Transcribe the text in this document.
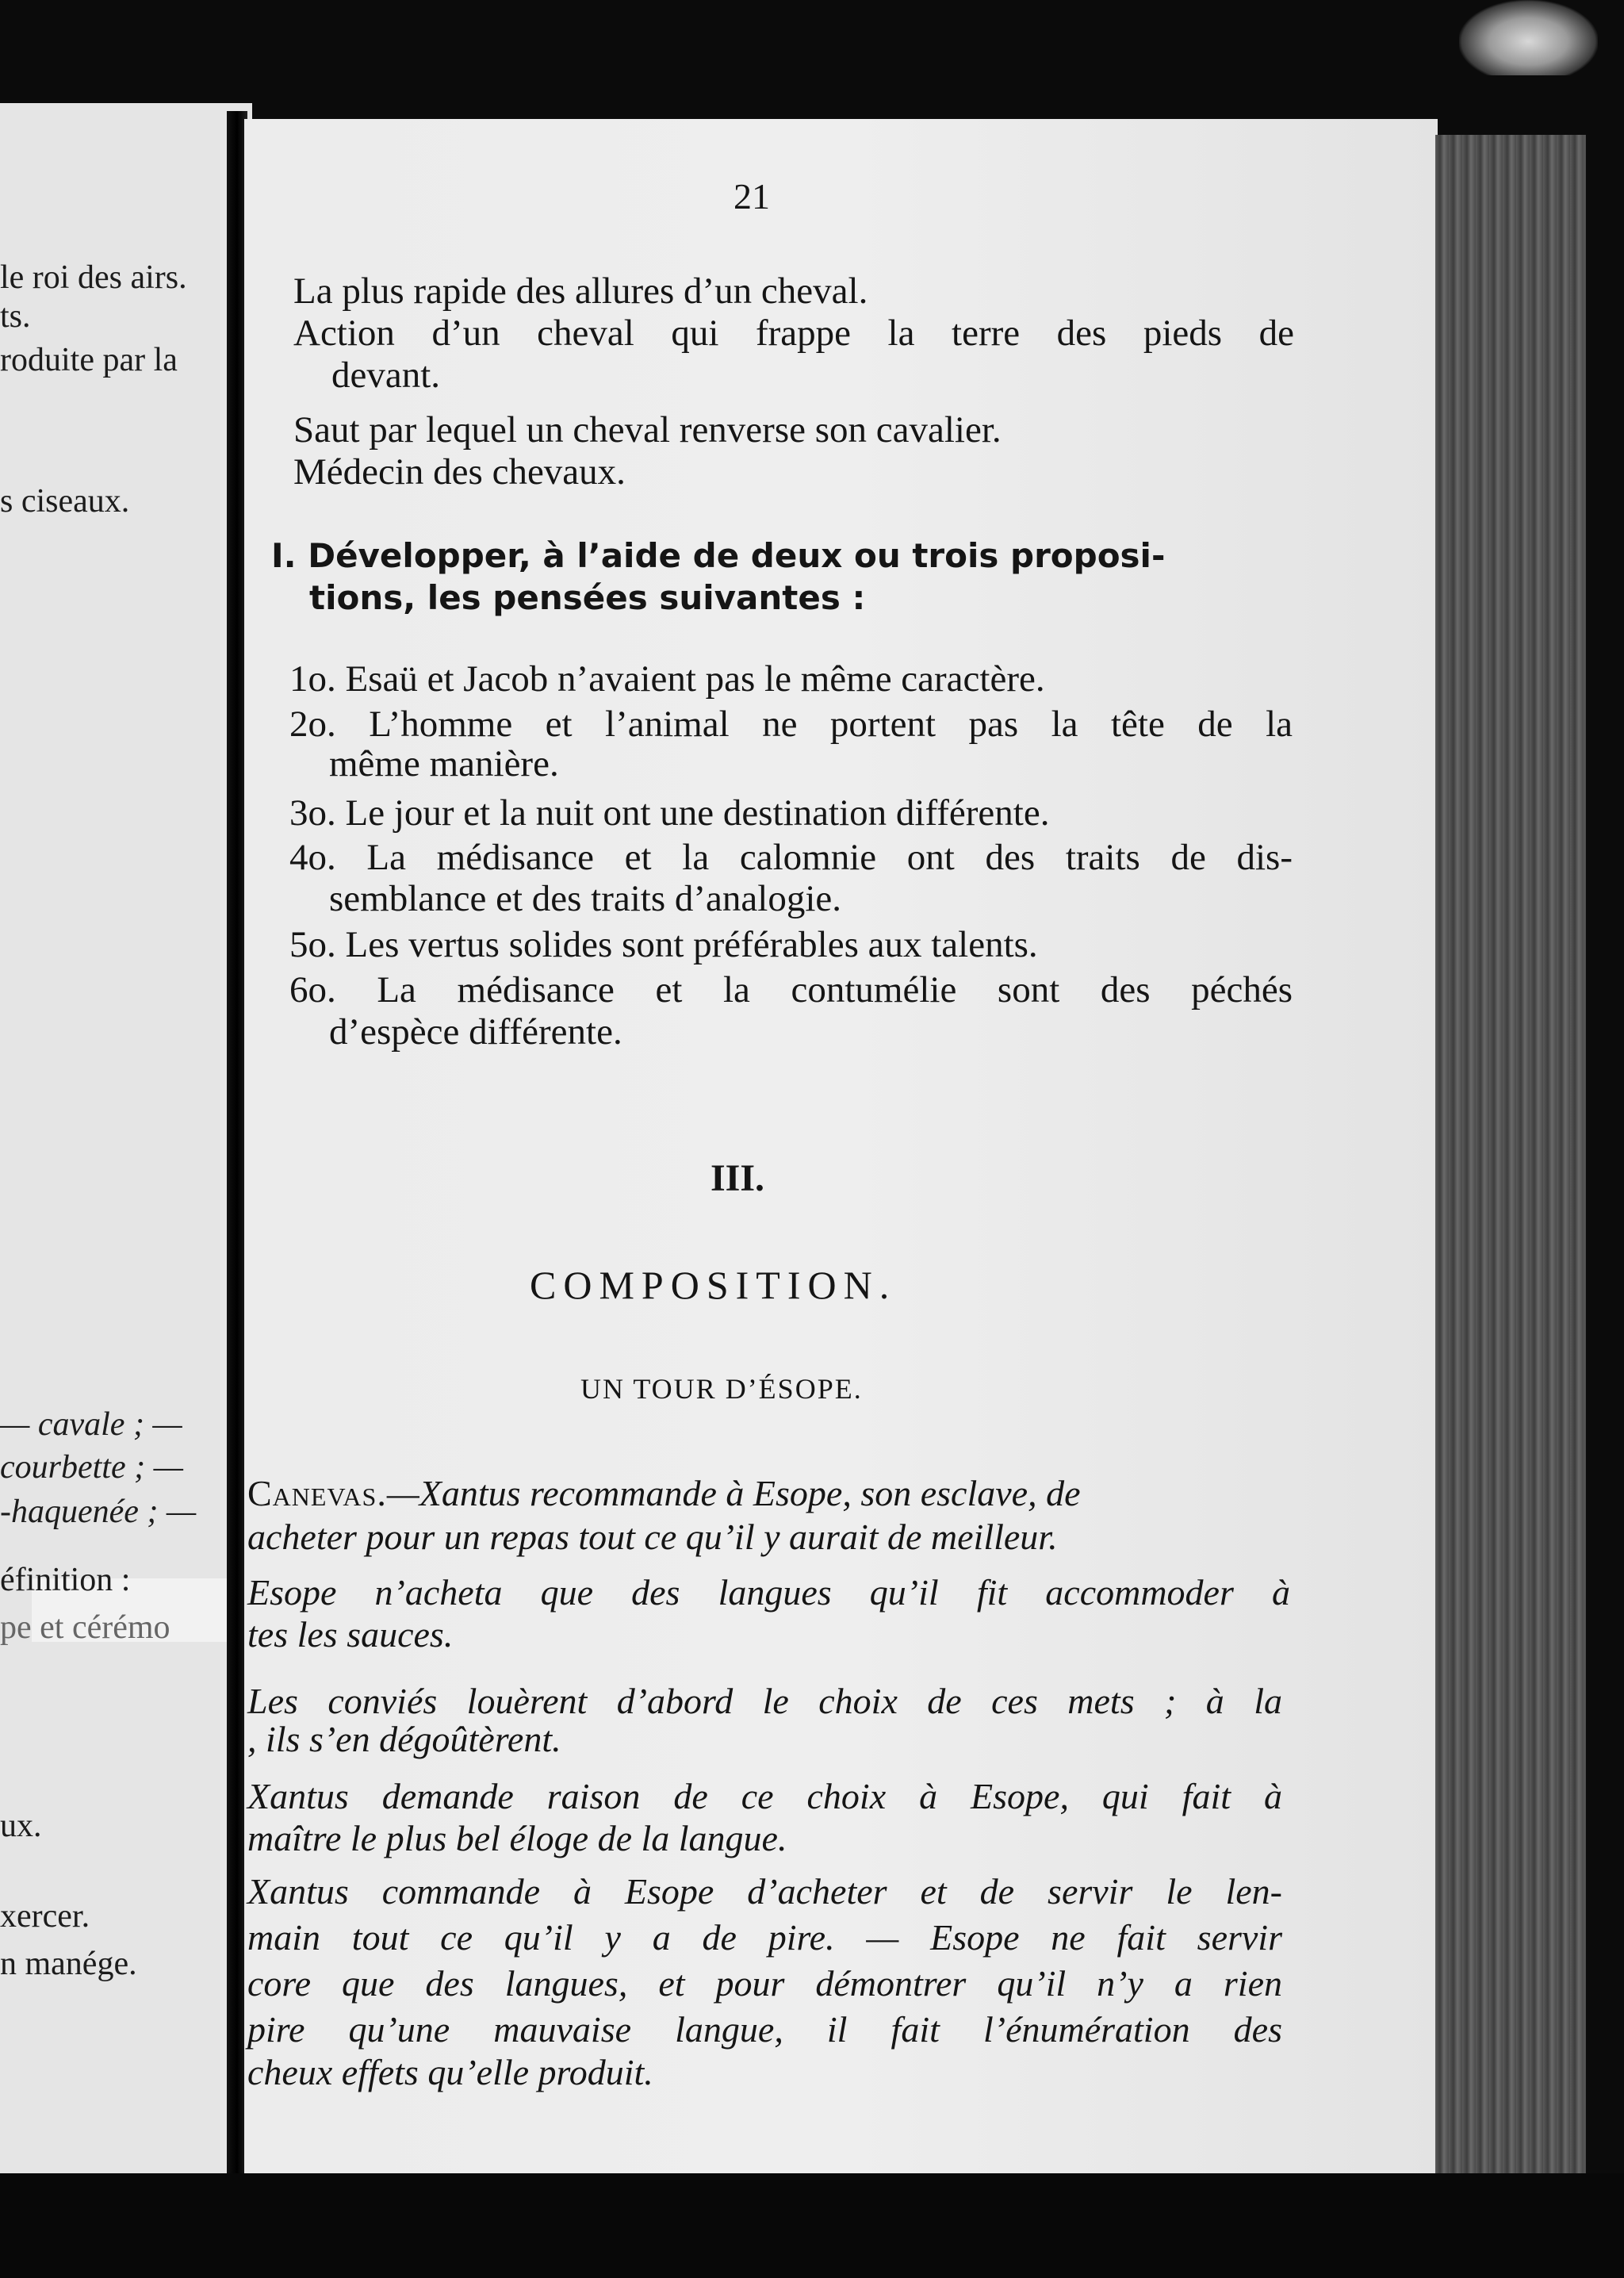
le roi des airs.
ts.
roduite par la
s ciseaux.
— cavale ; —
courbette ; —
-haquenée ; —
éfinition :
pe et cérémo
ux.
xercer.
n manége.
21
La plus rapide des allures d’un cheval.
Action d’un cheval qui frappe la terre des pieds de
devant.
Saut par lequel un cheval renverse son cavalier.
Médecin des chevaux.
I. Développer, à l’aide de deux ou trois proposi-
tions, les pensées suivantes :
1o. Esaü et Jacob n’avaient pas le même caractère.
2o. L’homme et l’animal ne portent pas la tête de la
même manière.
3o. Le jour et la nuit ont une destination différente.
4o. La médisance et la calomnie ont des traits de dis-
semblance et des traits d’analogie.
5o. Les vertus solides sont préférables aux talents.
6o. La médisance et la contumélie sont des péchés
d’espèce différente.
III.
COMPOSITION.
UN TOUR D’ÉSOPE.
Canevas.—Xantus recommande à Esope, son esclave, de
acheter pour un repas tout ce qu’il y aurait de meilleur.
Esope n’acheta que des langues qu’il fit accommoder à
tes les sauces.
Les conviés louèrent d’abord le choix de ces mets ; à la
, ils s’en dégoûtèrent.
Xantus demande raison de ce choix à Esope, qui fait à
maître le plus bel éloge de la langue.
Xantus commande à Esope d’acheter et de servir le len-
main tout ce qu’il y a de pire. — Esope ne fait servir
core que des langues, et pour démontrer qu’il n’y a rien
pire qu’une mauvaise langue, il fait l’énumération des
cheux effets qu’elle produit.
